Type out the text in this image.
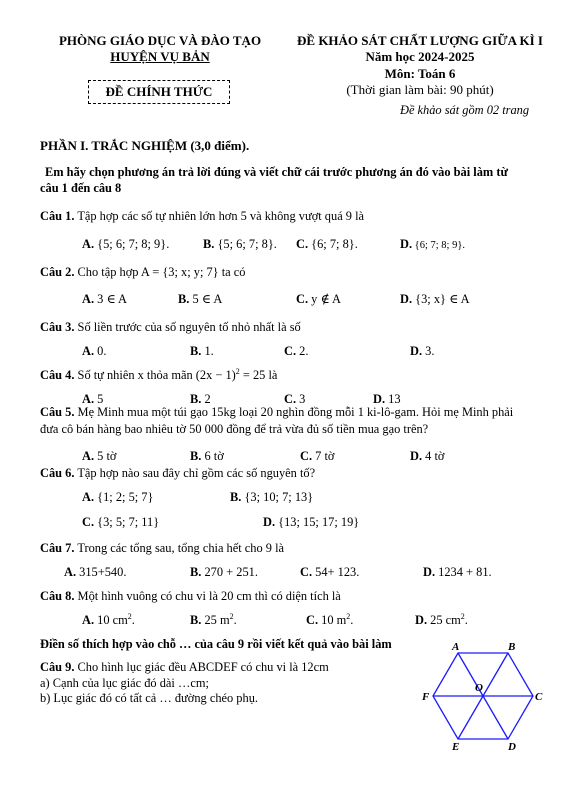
PHÒNG GIÁO DỤC VÀ ĐÀO TẠO
HUYỆN VỤ BẢN
ĐỀ KHẢO SÁT CHẤT LƯỢNG GIỮA KÌ I
Năm học 2024-2025
Môn: Toán 6
(Thời gian làm bài: 90 phút)
Đề khảo sát gồm 02 trang
ĐỀ CHÍNH THỨC
PHẦN I. TRẮC NGHIỆM (3,0 điểm).
Em hãy chọn phương án trả lời đúng và viết chữ cái trước phương án đó vào bài làm từ
câu 1 đến câu 8
Câu 1. Tập hợp các số tự nhiên lớn hơn 5 và không vượt quá 9 là
A. {5; 6; 7; 8; 9}.	B. {5; 6; 7; 8}. C. {6; 7; 8}.	D. {6; 7; 8; 9}.
Câu 2. Cho tập hợp A = {3; x; y; 7} ta có
A. 3 ∈ A	B. 5 ∈ A	C. y ∉ A	D. {3; x} ∈ A
Câu 3. Số liền trước của số nguyên tố nhỏ nhất là số
A. 0.	B. 1.	C. 2.	D. 3.
Câu 4. Số tự nhiên x thỏa mãn $(2x - 1)^2 = 25$ là
A. 5	B. 2	C. 3	D. 13
Câu 5. Mẹ Minh mua một túi gạo 15kg loại 20 nghìn đồng mỗi 1 ki-lô-gam. Hỏi mẹ Minh phải
đưa cô bán hàng bao nhiêu tờ 50 000 đồng để trả vừa đủ số tiền mua gạo trên?
A. 5 tờ	B. 6 tờ	C. 7 tờ	D. 4 tờ
Câu 6. Tập hợp nào sau đây chỉ gồm các số nguyên tố?
A. {1; 2; 5; 7}	B. {3; 10; 7; 13}
C. {3; 5; 7; 11}	D. {13; 15; 17; 19}
Câu 7. Trong các tổng sau, tổng chia hết cho 9 là
A. 315+540.	B. 270 + 251.	C. 54+ 123.	D. 1234 + 81.
Câu 8. Một hình vuông có chu vi là 20 cm thì có diện tích là
A. 10 $cm^2$.	B. 25 $m^2$.	C. 10 $m^2$.	D. 25 $cm^2$.
Điền số thích hợp vào chỗ … của câu 9 rồi viết kết quả vào bài làm
Câu 9. Cho hình lục giác đều ABCDEF có chu vi là 12cm
a) Cạnh của lục giác đó dài …cm;
b) Lục giác đó có tất cả … đường chéo phụ.
A	B
C
D
E
F
O
